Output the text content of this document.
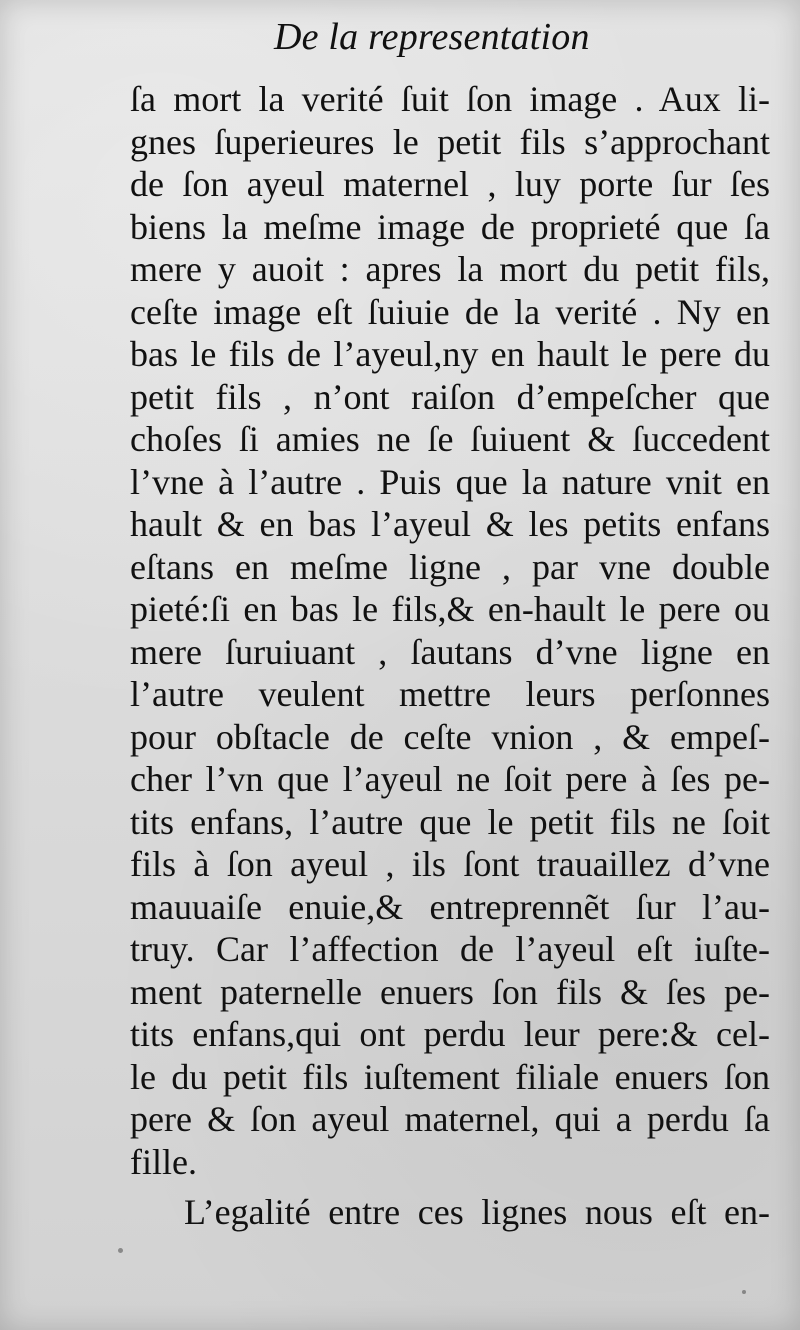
De la representation
ſa mort la verité ſuit ſon image . Aux li-
gnes ſuperieures le petit fils s’approchant
de ſon ayeul maternel , luy porte ſur ſes
biens la meſme image de proprieté que ſa
mere y auoit : apres la mort du petit fils,
ceſte image eſt ſuiuie de la verité . Ny en
bas le fils de l’ayeul,ny en hault le pere du
petit fils , n’ont raiſon d’empeſcher que
choſes ſi amies ne ſe ſuiuent & ſuccedent
l’vne à l’autre . Puis que la nature vnit en
hault & en bas l’ayeul & les petits enfans
eſtans en meſme ligne , par vne double
pieté:ſi en bas le fils,& en-hault le pere ou
mere ſuruiuant , ſautans d’vne ligne en
l’autre veulent mettre leurs perſonnes
pour obſtacle de ceſte vnion , & empeſ-
cher l’vn que l’ayeul ne ſoit pere à ſes pe-
tits enfans, l’autre que le petit fils ne ſoit
fils à ſon ayeul , ils ſont trauaillez d’vne
mauuaiſe enuie,& entreprennẽt ſur l’au-
truy. Car l’affection de l’ayeul eſt iuſte-
ment paternelle enuers ſon fils & ſes pe-
tits enfans,qui ont perdu leur pere:& cel-
le du petit fils iuſtement filiale enuers ſon
pere & ſon ayeul maternel, qui a perdu ſa
fille.
L’egalité entre ces lignes nous eſt en-
